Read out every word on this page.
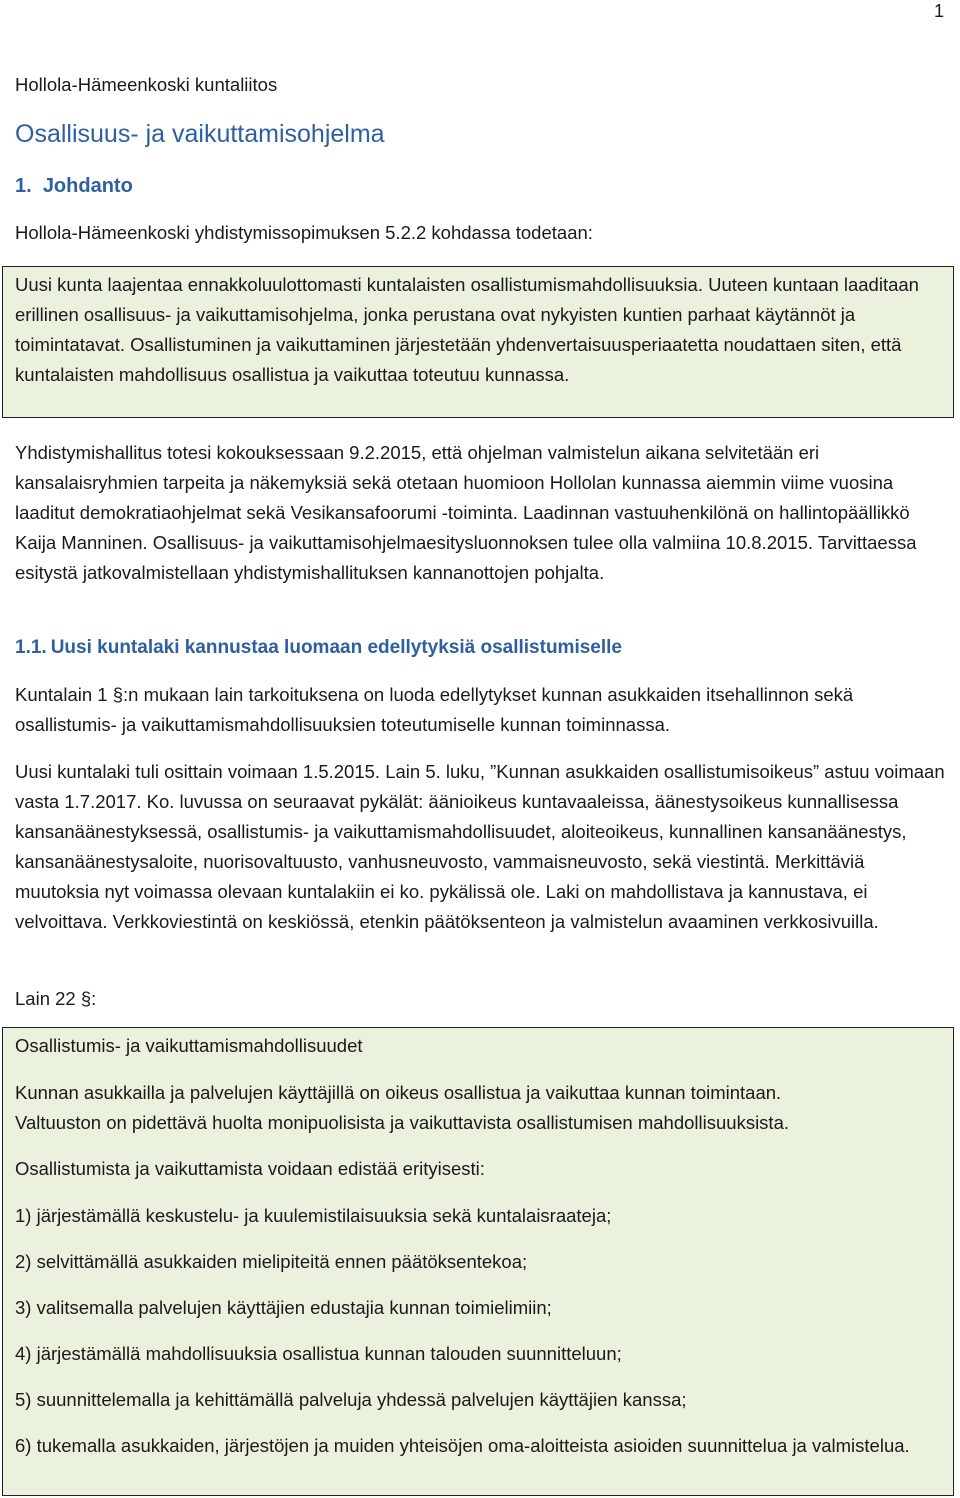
1

Hollola-Hämeenkoski kuntaliitos

Osallisuus- ja vaikuttamisohjelma
1. Johdanto

Hollola-Hämeenkoski yhdistymissopimuksen 5.2.2 kohdassa todetaan:

Uusi kunta laajentaa ennakkoluulottomasti kuntalaisten osallistumismahdollisuuksia. Uuteen kuntaan laaditaan erillinen osallisuus- ja vaikuttamisohjelma, jonka perustana ovat nykyisten kuntien parhaat käytännöt ja toimintatavat. Osallistuminen ja vaikuttaminen järjestetään yhdenvertaisuusperiaatetta noudattaen siten, että kuntalaisten mahdollisuus osallistua ja vaikuttaa toteutuu kunnassa.

Yhdistymishallitus totesi kokouksessaan 9.2.2015, että ohjelman valmistelun aikana selvitetään eri kansalaisryhmien tarpeita ja näkemyksiä sekä otetaan huomioon Hollolan kunnassa aiemmin viime vuosina laaditut demokratiaohjelmat sekä Vesikansafoorumi -toiminta. Laadinnan vastuuhenkilönä on hallintopäällikkö Kaija Manninen. Osallisuus- ja vaikuttamisohjelmaesitysluonnoksen tulee olla valmiina 10.8.2015. Tarvittaessa esitystä jatkovalmistellaan yhdistymishallituksen kannanottojen pohjalta.

1.1. Uusi kuntalaki kannustaa luomaan edellytyksiä osallistumiselle

Kuntalain 1 §:n mukaan lain tarkoituksena on luoda edellytykset kunnan asukkaiden itsehallinnon sekä osallistumis- ja vaikuttamismahdollisuuksien toteutumiselle kunnan toiminnassa.

Uusi kuntalaki tuli osittain voimaan 1.5.2015. Lain 5. luku, ”Kunnan asukkaiden osallistumisoikeus” astuu voimaan vasta 1.7.2017. Ko. luvussa on seuraavat pykälät: äänioikeus kuntavaaleissa, äänestysoikeus kunnallisessa kansanäänestyksessä, osallistumis- ja vaikuttamismahdollisuudet, aloiteoikeus, kunnallinen kansanäänestys, kansanäänestysaloite, nuorisovaltuusto, vanhusneuvosto, vammaisneuvosto, sekä viestintä. Merkittäviä muutoksia nyt voimassa olevaan kuntalakiin ei ko. pykälissä ole. Laki on mahdollistava ja kannustava, ei velvoittava. Verkkoviestintä on keskiössä, etenkin päätöksenteon ja valmistelun avaaminen verkkosivuilla.

Lain 22 §:

Osallistumis- ja vaikuttamismahdollisuudet

Kunnan asukkailla ja palvelujen käyttäjillä on oikeus osallistua ja vaikuttaa kunnan toimintaan.

Valtuuston on pidettävä huolta monipuolisista ja vaikuttavista osallistumisen mahdollisuuksista.

Osallistumista ja vaikuttamista voidaan edistää erityisesti:

1) järjestämällä keskustelu- ja kuulemistilaisuuksia sekä kuntalaisraateja;

2) selvittämällä asukkaiden mielipiteitä ennen päätöksentekoa;

3) valitsemalla palvelujen käyttäjien edustajia kunnan toimielimiin;

4) järjestämällä mahdollisuuksia osallistua kunnan talouden suunnitteluun;

5) suunnittelemalla ja kehittämällä palveluja yhdessä palvelujen käyttäjien kanssa;

6) tukemalla asukkaiden, järjestöjen ja muiden yhteisöjen oma-aloitteista asioiden suunnittelua ja valmistelua.
